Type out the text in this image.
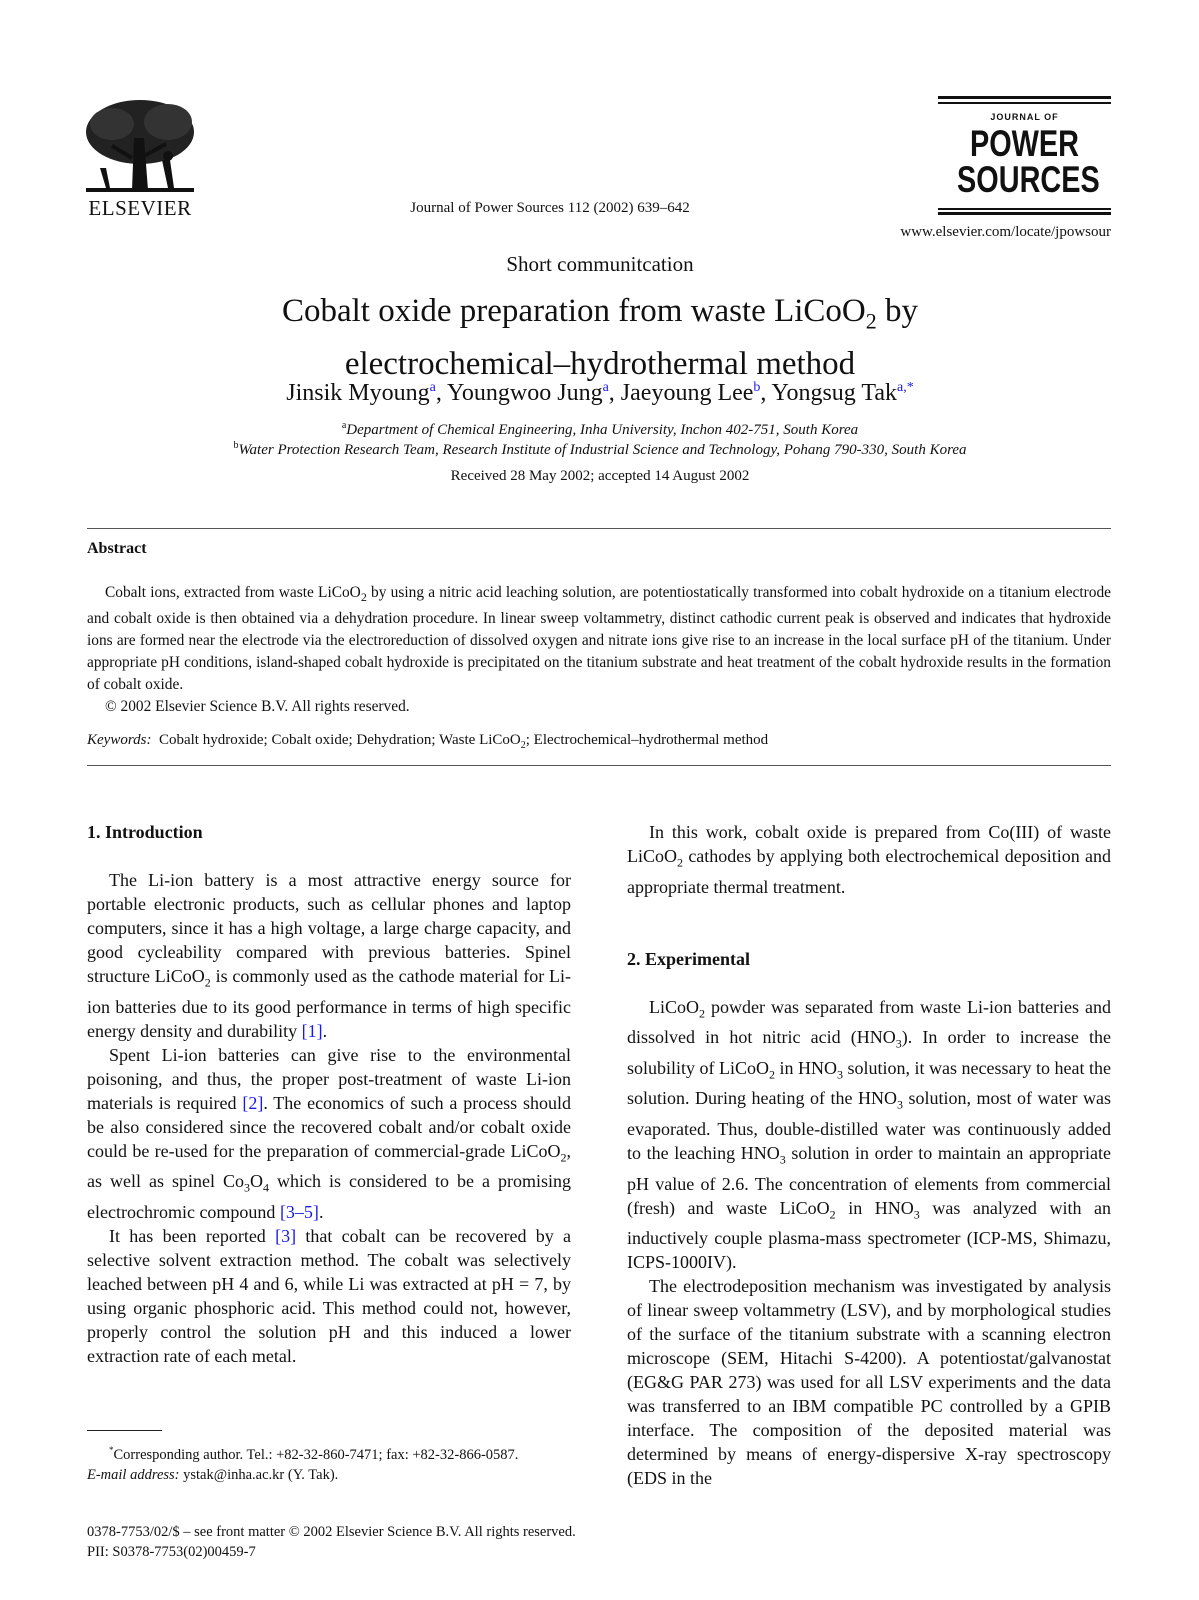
ELSEVIER	Journal of Power Sources 112 (2002) 639–642
JOURNAL OF
POWER
SOURCES
www.elsevier.com/locate/jpowsour
Short communitcation
Cobalt oxide preparation from waste LiCoO$_2$ by
electrochemical–hydrothermal method
Jinsik Myoung$^a$, Youngwoo Jung$^a$, Jaeyoung Lee$^b$, Yongsug Tak$^{a,*}$
$^a$Department of Chemical Engineering, Inha University, Inchon 402-751, South Korea
$^b$Water Protection Research Team, Research Institute of Industrial Science and Technology, Pohang 790-330, South Korea
Received 28 May 2002; accepted 14 August 2002
Abstract

Cobalt ions, extracted from waste LiCoO$_2$ by using a nitric acid leaching solution, are potentiostatically transformed into cobalt hydroxide on a titanium electrode and cobalt oxide is then obtained via a dehydration procedure. In linear sweep voltammetry, distinct cathodic current peak is observed and indicates that hydroxide ions are formed near the electrode via the electroreduction of dissolved oxygen and nitrate ions give rise to an increase in the local surface pH of the titanium. Under appropriate pH conditions, island-shaped cobalt hydroxide is precipitated on the titanium substrate and heat treatment of the cobalt hydroxide results in the formation of cobalt oxide.

© 2002 Elsevier Science B.V. All rights reserved.

Keywords: Cobalt hydroxide; Cobalt oxide; Dehydration; Waste LiCoO$_2$; Electrochemical–hydrothermal method
1. Introduction

The Li-ion battery is a most attractive energy source for portable electronic products, such as cellular phones and laptop computers, since it has a high voltage, a large charge capacity, and good cycleability compared with previous batteries. Spinel structure LiCoO$_2$ is commonly used as the cathode material for Li-ion batteries due to its good performance in terms of high specific energy density and durability [1].

Spent Li-ion batteries can give rise to the environmental poisoning, and thus, the proper post-treatment of waste Li-ion materials is required [2]. The economics of such a process should be also considered since the recovered cobalt and/or cobalt oxide could be re-used for the preparation of commercial-grade LiCoO$_2$, as well as spinel $Co_3O_4$ which is considered to be a promising electrochromic compound [3–5].

It has been reported [3] that cobalt can be recovered by a selective solvent extraction method. The cobalt was selectively leached between pH 4 and 6, while Li was extracted at pH = 7, by using organic phosphoric acid. This method could not, however, properly control the solution pH and this induced a lower extraction rate of each metal.

*Corresponding author. Tel.: +82-32-860-7471; fax: +82-32-866-0587.

E-mail address: ystak@inha.ac.kr (Y. Tak).

In this work, cobalt oxide is prepared from Co(III) of waste LiCoO$_2$ cathodes by applying both electrochemical deposition and appropriate thermal treatment.

2. Experimental

LiCoO$_2$ powder was separated from waste Li-ion batteries and dissolved in hot nitric acid $(HNO_3)$. In order to increase the solubility of LiCoO$_2$ in $HNO_3$ solution, it was necessary to heat the solution. During heating of the $HNO_3$ solution, most of water was evaporated. Thus, double-distilled water was continuously added to the leaching $HNO_3$ solution in order to maintain an appropriate pH value of 2.6. The concentration of elements from commercial (fresh) and waste LiCoO$_2$ in $HNO_3$ was analyzed with an inductively couple plasma-mass spectrometer (ICP-MS, Shimazu, ICPS-1000IV).

The electrodeposition mechanism was investigated by analysis of linear sweep voltammetry (LSV), and by morphological studies of the surface of the titanium substrate with a scanning electron microscope (SEM, Hitachi S-4200). A potentiostat/galvanostat (EG&G PAR 273) was used for all LSV experiments and the data was transferred to an IBM compatible PC controlled by a GPIB interface. The composition of the deposited material was determined by means of energy-dispersive X-ray spectroscopy (EDS in the

0378-7753/02/$ – see front matter © 2002 Elsevier Science B.V. All rights reserved.

PII: S0378-7753(02)00459-7
